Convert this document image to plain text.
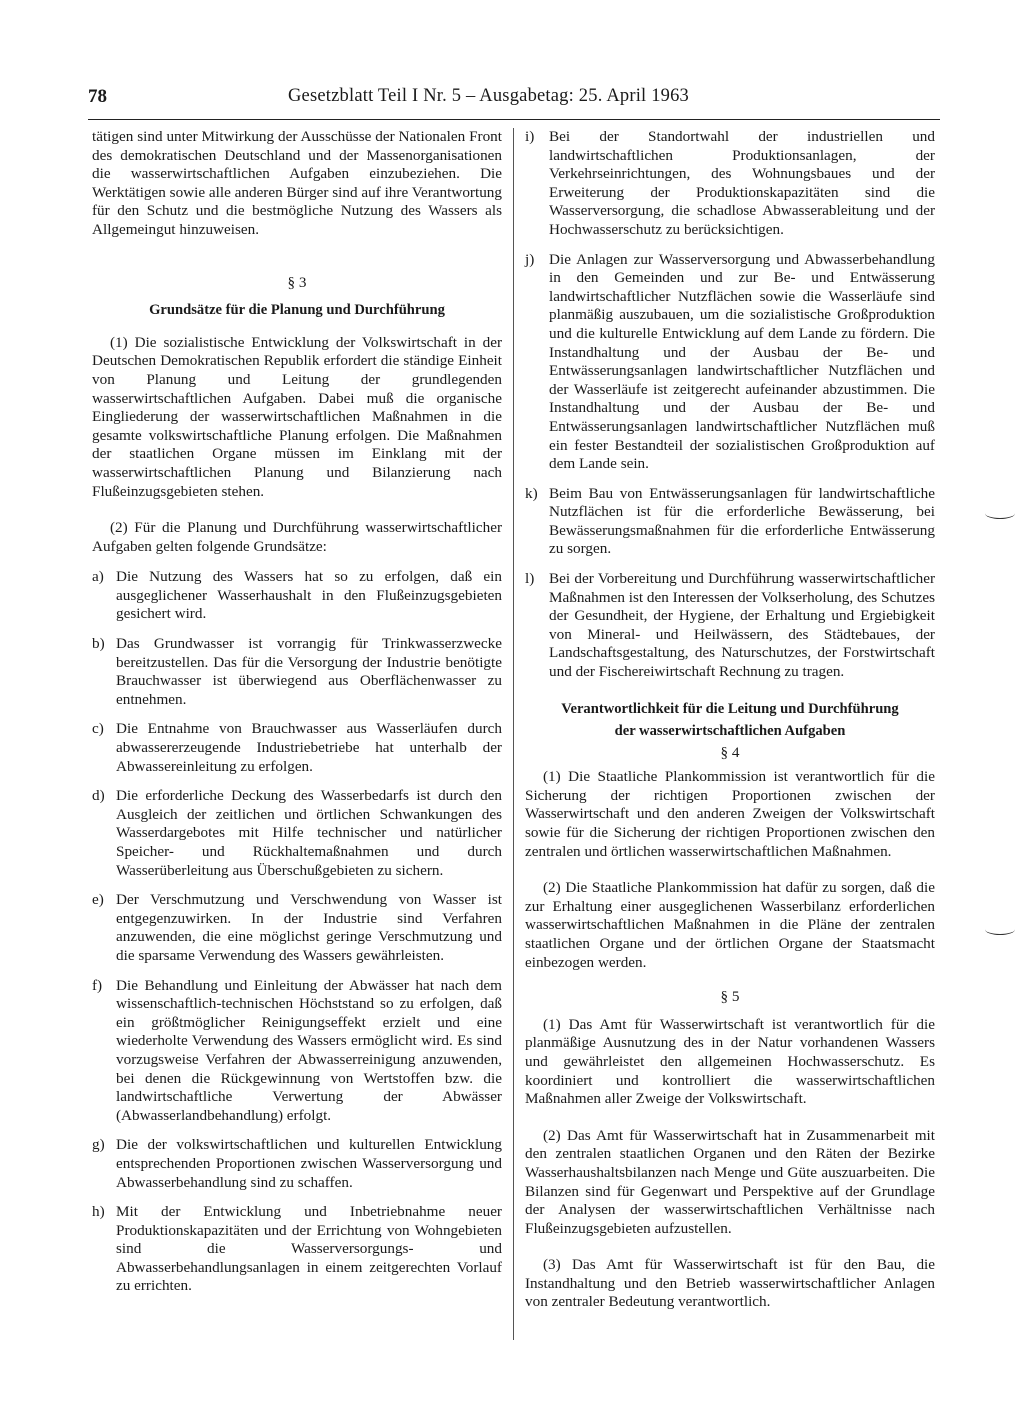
78	Gesetzblatt Teil I Nr. 5 – Ausgabetag: 25. April 1963

tätigen sind unter Mitwirkung der Ausschüsse der Nationalen Front des demokratischen Deutschland und der Massenorganisationen die wasserwirtschaftlichen Aufgaben einzubeziehen. Die Werktätigen sowie alle anderen Bürger sind auf ihre Verantwortung für den Schutz und die bestmögliche Nutzung des Wassers als Allgemeingut hinzuweisen.

§ 3

Grundsätze für die Planung und Durchführung

(1) Die sozialistische Entwicklung der Volkswirtschaft in der Deutschen Demokratischen Republik erfordert die ständige Einheit von Planung und Leitung der grundlegenden wasserwirtschaftlichen Aufgaben. Dabei muß die organische Eingliederung der wasserwirtschaftlichen Maßnahmen in die gesamte volkswirtschaftliche Planung erfolgen. Die Maßnahmen der staatlichen Organe müssen im Einklang mit der wasserwirtschaftlichen Planung und Bilanzierung nach Flußeinzugsgebieten stehen.

(2) Für die Planung und Durchführung wasserwirtschaftlicher Aufgaben gelten folgende Grundsätze:

a) Die Nutzung des Wassers hat so zu erfolgen, daß ein ausgeglichener Wasserhaushalt in den Flußeinzugsgebieten gesichert wird.

b) Das Grundwasser ist vorrangig für Trinkwasserzwecke bereitzustellen. Das für die Versorgung der Industrie benötigte Brauchwasser ist überwiegend aus Oberflächenwasser zu entnehmen.

c) Die Entnahme von Brauchwasser aus Wasserläufen durch abwassererzeugende Industriebetriebe hat unterhalb der Abwassereinleitung zu erfolgen.

d) Die erforderliche Deckung des Wasserbedarfs ist durch den Ausgleich der zeitlichen und örtlichen Schwankungen des Wasserdargebotes mit Hilfe technischer und natürlicher Speicher- und Rückhaltemaßnahmen und durch Wasserüberleitung aus Überschußgebieten zu sichern.

e) Der Verschmutzung und Verschwendung von Wasser ist entgegenzuwirken. In der Industrie sind Verfahren anzuwenden, die eine möglichst geringe Verschmutzung und die sparsame Verwendung des Wassers gewährleisten.

f) Die Behandlung und Einleitung der Abwässer hat nach dem wissenschaftlich-technischen Höchststand so zu erfolgen, daß ein größtmöglicher Reinigungseffekt erzielt und eine wiederholte Verwendung des Wassers ermöglicht wird. Es sind vorzugsweise Verfahren der Abwasserreinigung anzuwenden, bei denen die Rückgewinnung von Wertstoffen bzw. die landwirtschaftliche Verwertung der Abwässer (Abwasserlandbehandlung) erfolgt.

g) Die der volkswirtschaftlichen und kulturellen Entwicklung entsprechenden Proportionen zwischen Wasserversorgung und Abwasserbehandlung sind zu schaffen.

h) Mit der Entwicklung und Inbetriebnahme neuer Produktionskapazitäten und der Errichtung von Wohngebieten sind die Wasserversorgungs- und Abwasserbehandlungsanlagen in einem zeitgerechten Vorlauf zu errichten.

i) Bei der Standortwahl der industriellen und landwirtschaftlichen Produktionsanlagen, der Verkehrseinrichtungen, des Wohnungsbaues und der Erweiterung der Produktionskapazitäten sind die Wasserversorgung, die schadlose Abwasserableitung und der Hochwasserschutz zu berücksichtigen.

j) Die Anlagen zur Wasserversorgung und Abwasserbehandlung in den Gemeinden und zur Be- und Entwässerung landwirtschaftlicher Nutzflächen sowie die Wasserläufe sind planmäßig auszubauen, um die sozialistische Großproduktion und die kulturelle Entwicklung auf dem Lande zu fördern. Die Instandhaltung und der Ausbau der Be- und Entwässerungsanlagen landwirtschaftlicher Nutzflächen und der Wasserläufe ist zeitgerecht aufeinander abzustimmen. Die Instandhaltung und der Ausbau der Be- und Entwässerungsanlagen landwirtschaftlicher Nutzflächen muß ein fester Bestandteil der sozialistischen Großproduktion auf dem Lande sein.

k) Beim Bau von Entwässerungsanlagen für landwirtschaftliche Nutzflächen ist für die erforderliche Bewässerung, bei Bewässerungsmaßnahmen für die erforderliche Entwässerung zu sorgen.

l) Bei der Vorbereitung und Durchführung wasserwirtschaftlicher Maßnahmen ist den Interessen der Volkserholung, des Schutzes der Gesundheit, der Hygiene, der Erhaltung und Ergiebigkeit von Mineral- und Heilwässern, des Städtebaues, der Landschaftsgestaltung, des Naturschutzes, der Forstwirtschaft und der Fischereiwirtschaft Rechnung zu tragen.

Verantwortlichkeit für die Leitung und Durchführung

der wasserwirtschaftlichen Aufgaben

§ 4

(1) Die Staatliche Plankommission ist verantwortlich für die Sicherung der richtigen Proportionen zwischen der Wasserwirtschaft und den anderen Zweigen der Volkswirtschaft sowie für die Sicherung der richtigen Proportionen zwischen den zentralen und örtlichen wasserwirtschaftlichen Maßnahmen.

(2) Die Staatliche Plankommission hat dafür zu sorgen, daß die zur Erhaltung einer ausgeglichenen Wasserbilanz erforderlichen wasserwirtschaftlichen Maßnahmen in die Pläne der zentralen staatlichen Organe und der örtlichen Organe der Staatsmacht einbezogen werden.

§ 5

(1) Das Amt für Wasserwirtschaft ist verantwortlich für die planmäßige Ausnutzung des in der Natur vorhandenen Wassers und gewährleistet den allgemeinen Hochwasserschutz. Es koordiniert und kontrolliert die wasserwirtschaftlichen Maßnahmen aller Zweige der Volkswirtschaft.

(2) Das Amt für Wasserwirtschaft hat in Zusammenarbeit mit den zentralen staatlichen Organen und den Räten der Bezirke Wasserhaushaltsbilanzen nach Menge und Güte auszuarbeiten. Die Bilanzen sind für Gegenwart und Perspektive auf der Grundlage der Analysen der wasserwirtschaftlichen Verhältnisse nach Flußeinzugsgebieten aufzustellen.

(3) Das Amt für Wasserwirtschaft ist für den Bau, die Instandhaltung und den Betrieb wasserwirtschaftlicher Anlagen von zentraler Bedeutung verantwortlich.
